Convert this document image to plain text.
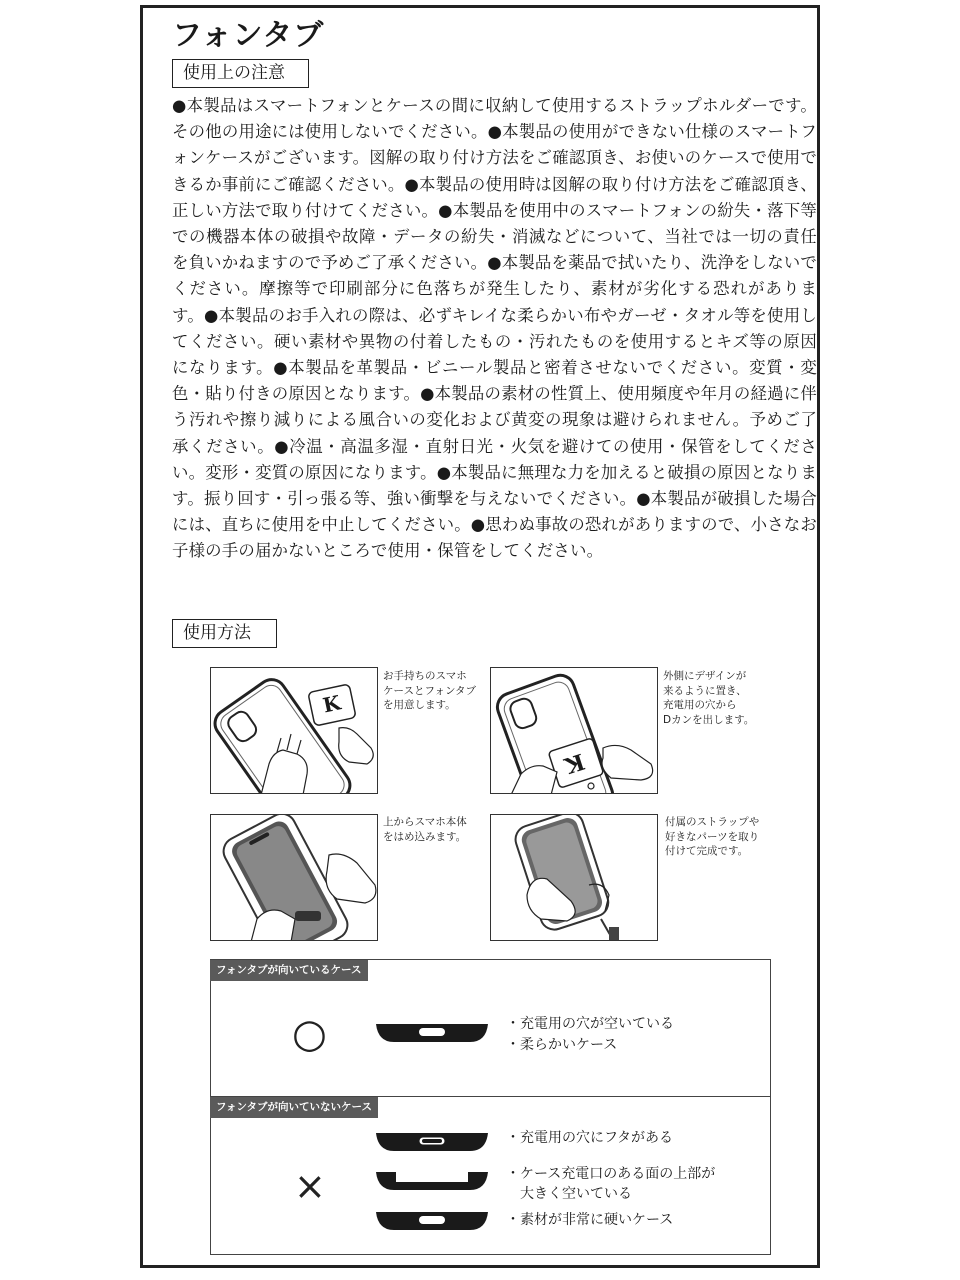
フォンタブ
使用上の注意
●本製品はスマートフォンとケースの間に収納して使用するストラップホルダーです。その他の用途には使用しないでください。●本製品の使用ができない仕様のスマートフォンケースがございます。図解の取り付け方法をご確認頂き、お使いのケースで使用できるか事前にご確認ください。●本製品の使用時は図解の取り付け方法をご確認頂き、正しい方法で取り付けてください。●本製品を使用中のスマートフォンの紛失・落下等での機器本体の破損や故障・データの紛失・消滅などについて、当社では一切の責任を負いかねますので予めご了承ください。●本製品を薬品で拭いたり、洗浄をしないでください。摩擦等で印刷部分に色落ちが発生したり、素材が劣化する恐れがあります。●本製品のお手入れの際は、必ずキレイな柔らかい布やガーゼ・タオル等を使用してください。硬い素材や異物の付着したもの・汚れたものを使用するとキズ等の原因になります。●本製品を革製品・ビニール製品と密着させないでください。変質・変色・貼り付きの原因となります。●本製品の素材の性質上、使用頻度や年月の経過に伴う汚れや擦り減りによる風合いの変化および黄変の現象は避けられません。予めご了承ください。●冷温・高温多湿・直射日光・火気を避けての使用・保管をしてください。変形・変質の原因になります。●本製品に無理な力を加えると破損の原因となります。振り回す・引っ張る等、強い衝撃を与えないでください。●本製品が破損した場合には、直ちに使用を中止してください。●思わぬ事故の恐れがありますので、小さなお子様の手の届かないところで使用・保管をしてください。
使用方法
K
お手持ちのスマホ
ケースとフォンタブ
を用意します。
K
外側にデザインが
来るように置き、
充電用の穴から
Dカンを出します。
上からスマホ本体
をはめ込みます。
付属のストラップや
好きなパーツを取り
付けて完成です。
フォンタブが向いているケース
○	・充電用の穴が空いている
・柔らかいケース
フォンタブが向いていないケース
×
・充電用の穴にフタがある
・ケース充電口のある面の上部が
　大きく空いている
・素材が非常に硬いケース
